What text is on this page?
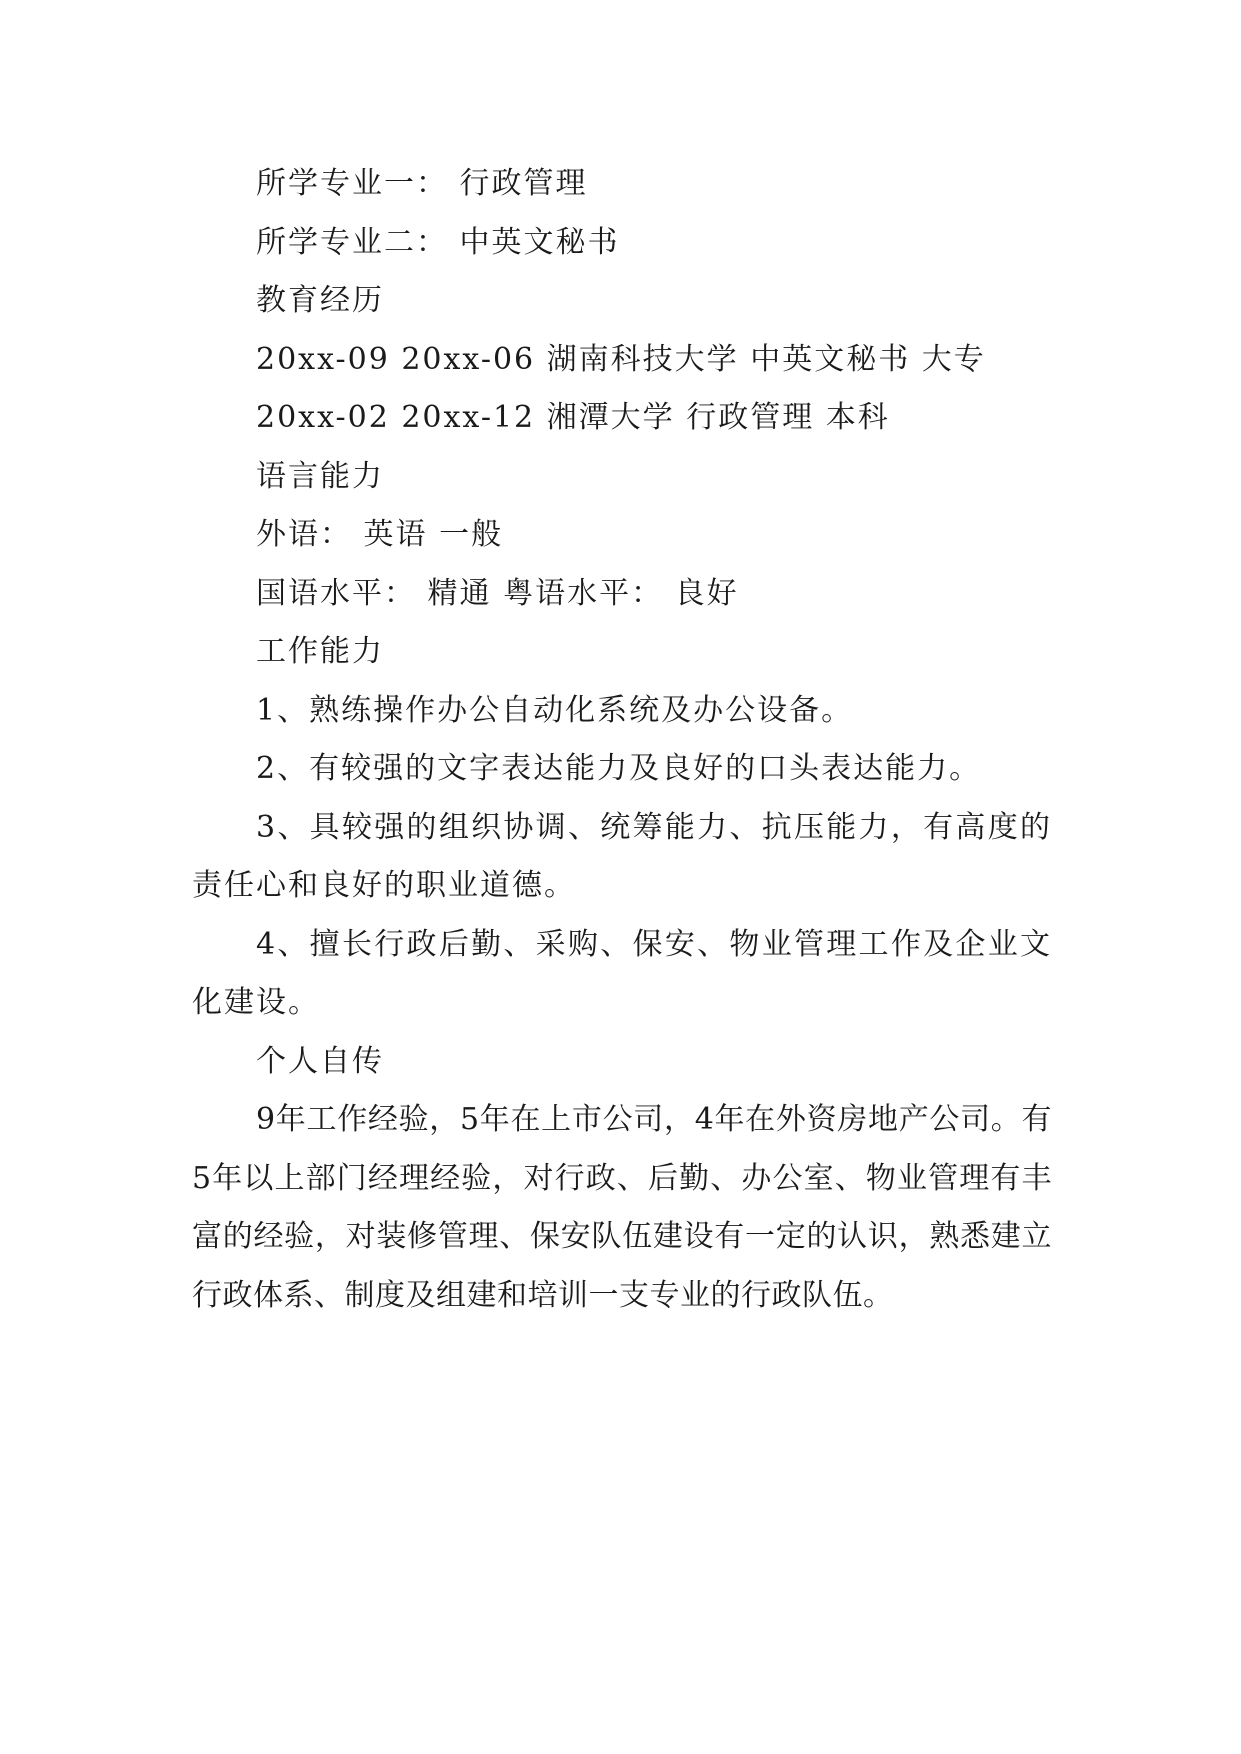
所学专业一： 行政管理

所学专业二： 中英文秘书

教育经历

20xx-09 20xx-06 湖南科技大学 中英文秘书 大专

20xx-02 20xx-12 湘潭大学 行政管理 本科

语言能力

外语： 英语 一般

国语水平： 精通 粤语水平： 良好

工作能力

1、熟练操作办公自动化系统及办公设备。

2、有较强的文字表达能力及良好的口头表达能力。

3、具较强的组织协调、统筹能力、抗压能力，有高度的责任心和良好的职业道德。

4、擅长行政后勤、采购、保安、物业管理工作及企业文化建设。

个人自传

9年工作经验，5年在上市公司，4年在外资房地产公司。有5年以上部门经理经验，对行政、后勤、办公室、物业管理有丰富的经验，对装修管理、保安队伍建设有一定的认识，熟悉建立行政体系、制度及组建和培训一支专业的行政队伍。
